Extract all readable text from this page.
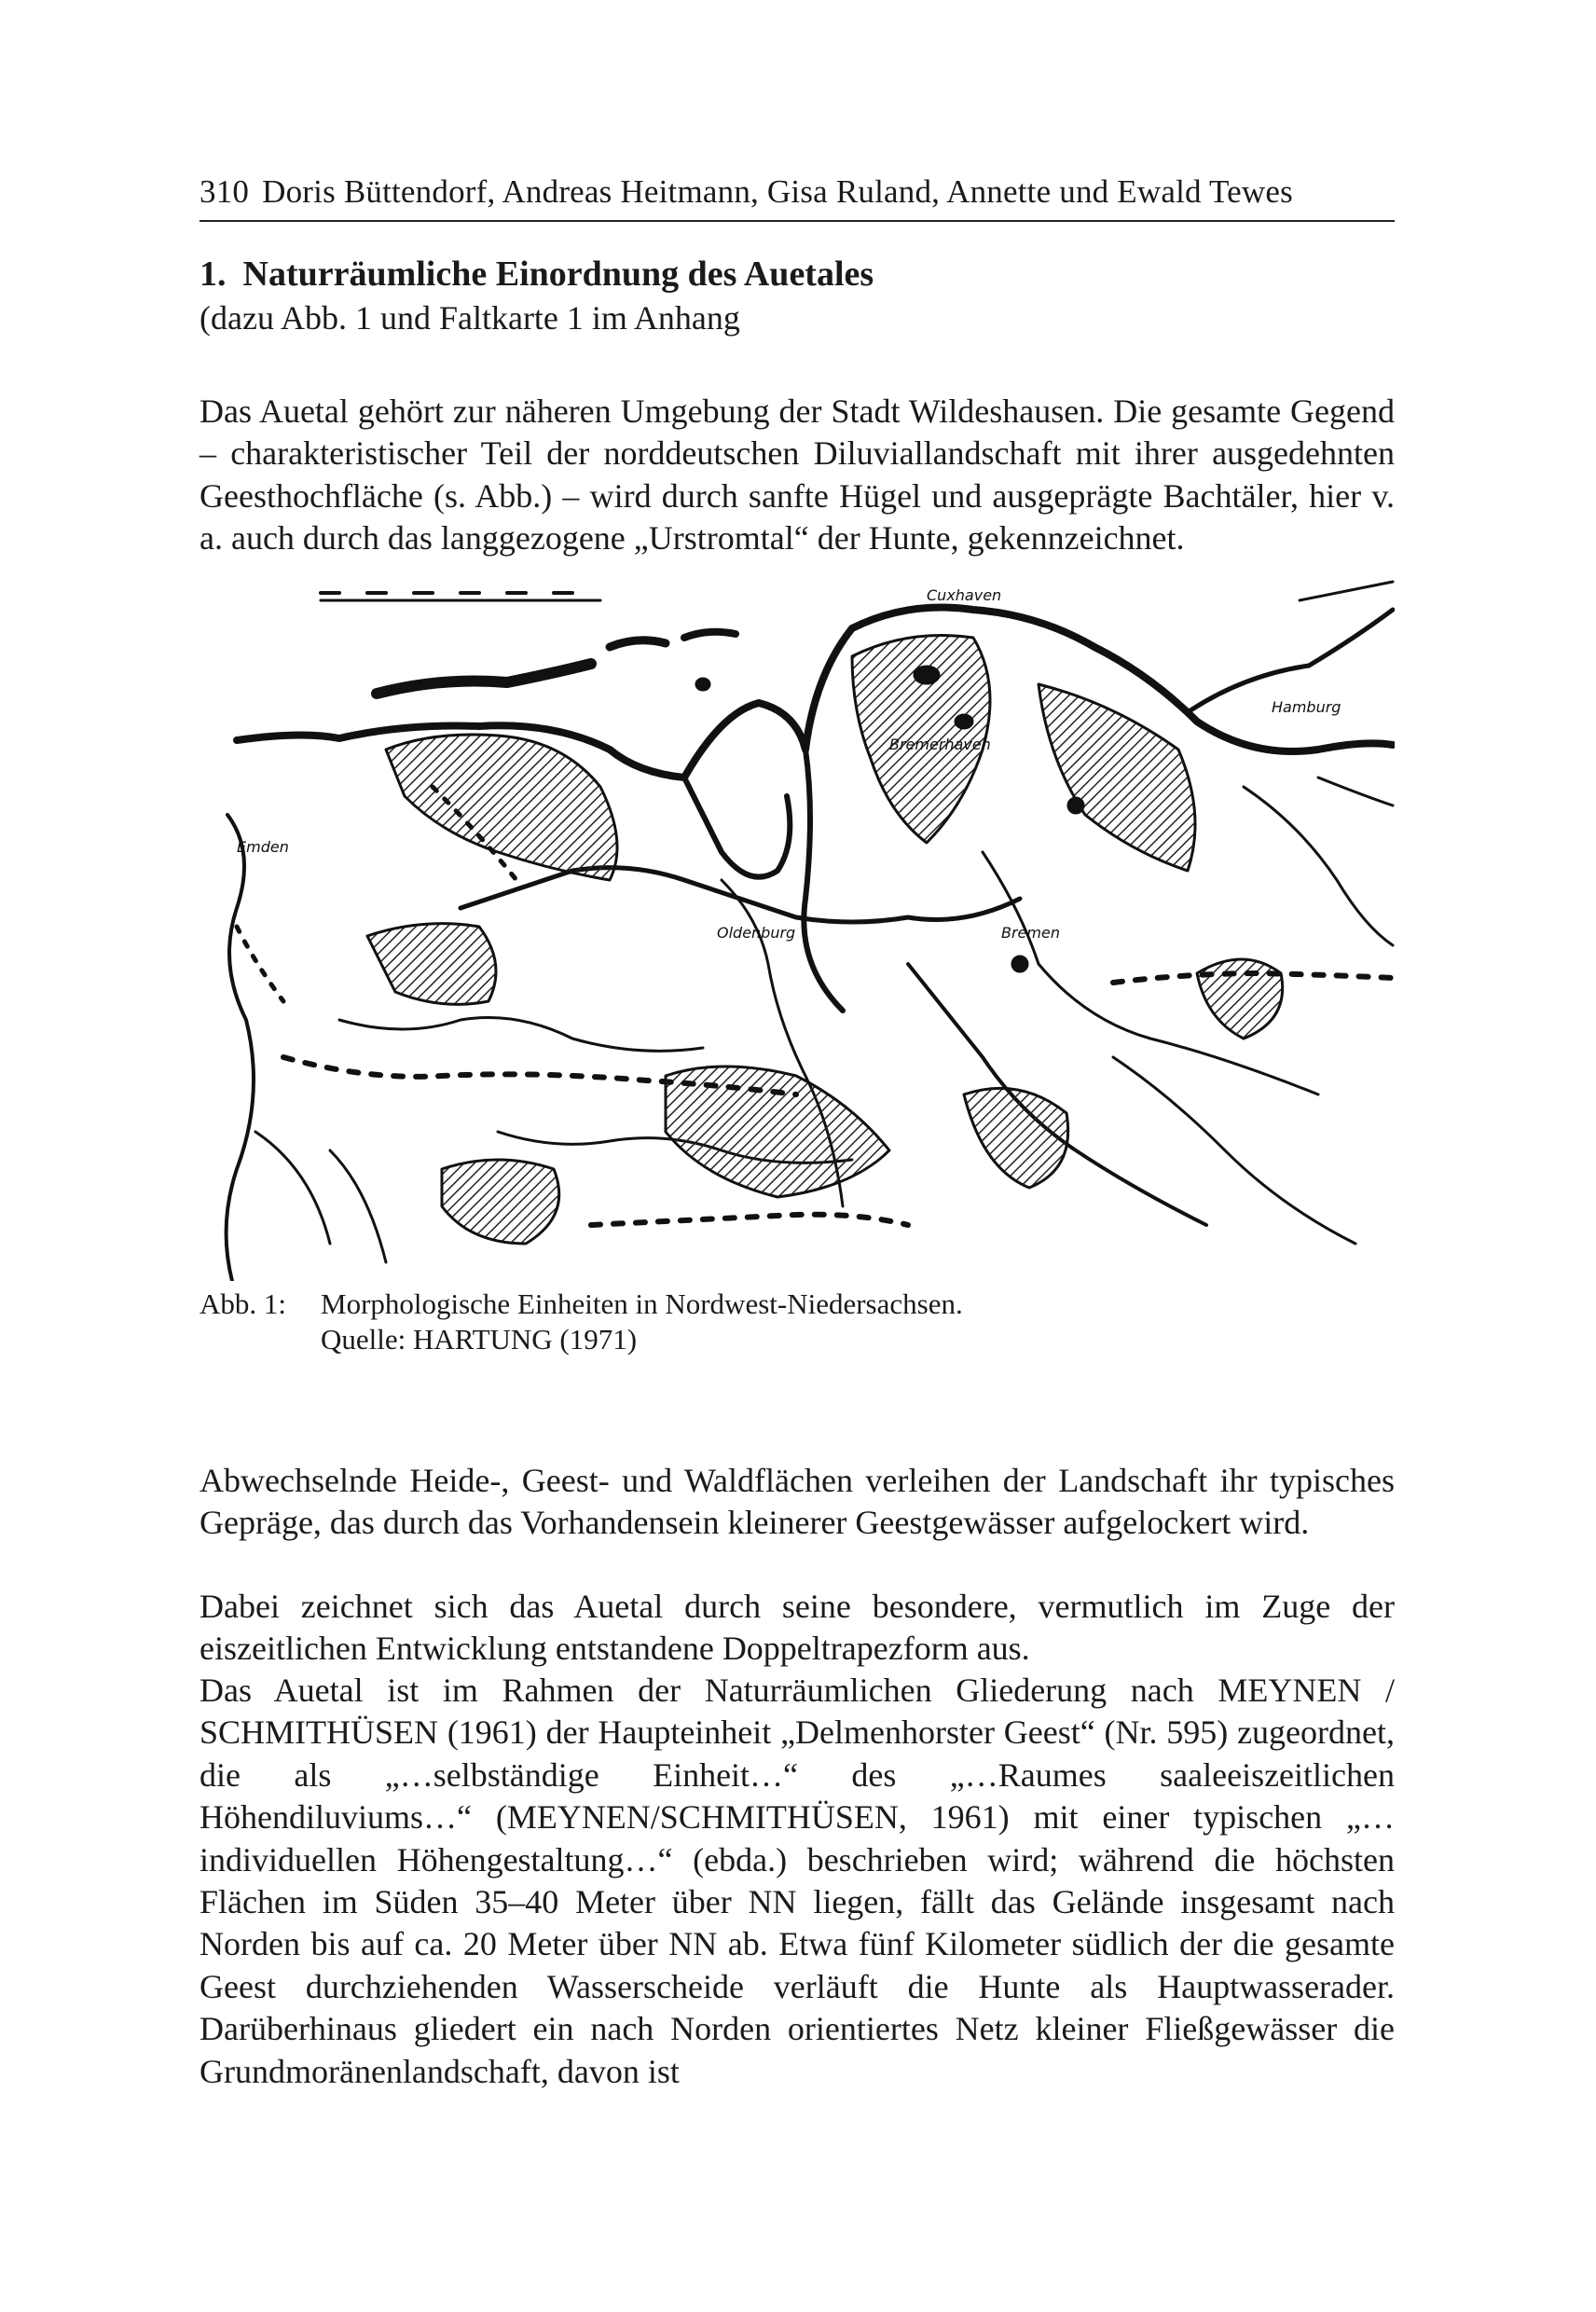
310 Doris Büttendorf, Andreas Heitmann, Gisa Ruland, Annette und Ewald Tewes
1. Naturräumliche Einordnung des Auetales
(dazu Abb. 1 und Faltkarte 1 im Anhang

Das Auetal gehört zur näheren Umgebung der Stadt Wildeshausen. Die gesamte Gegend – charakteristischer Teil der norddeutschen Diluviallandschaft mit ihrer ausgedehnten Geesthochfläche (s. Abb.) – wird durch sanfte Hügel und ausgeprägte Bachtäler, hier v. a. auch durch das langgezogene „Urstromtal“ der Hunte, gekennzeichnet.

Emden
Oldenburg	Bremen
Hamburg
Bremerhaven
Cuxhaven
Abb. 1: Morphologische Einheiten in Nordwest-Niedersachsen.
Quelle: HARTUNG (1971)

Abwechselnde Heide-, Geest- und Waldflächen verleihen der Landschaft ihr typisches Gepräge, das durch das Vorhandensein kleinerer Geestgewässer aufgelockert wird.

Dabei zeichnet sich das Auetal durch seine besondere, vermutlich im Zuge der eiszeitlichen Entwicklung entstandene Doppeltrapezform aus.

Das Auetal ist im Rahmen der Naturräumlichen Gliederung nach MEYNEN / SCHMITHÜSEN (1961) der Haupteinheit „Delmenhorster Geest“ (Nr. 595) zugeordnet, die als „…selbständige Einheit…“ des „…Raumes saaleeiszeitlichen Höhendiluviums…“ (MEYNEN/SCHMITHÜSEN, 1961) mit einer typischen „…individuellen Höhengestaltung…“ (ebda.) beschrieben wird; während die höchsten Flächen im Süden 35–40 Meter über NN liegen, fällt das Gelände insgesamt nach Norden bis auf ca. 20 Meter über NN ab. Etwa fünf Kilometer südlich der die gesamte Geest durchziehenden Wasserscheide verläuft die Hunte als Hauptwasserader. Darüberhinaus gliedert ein nach Norden orientiertes Netz kleiner Fließgewässer die Grundmoränenlandschaft, davon ist
